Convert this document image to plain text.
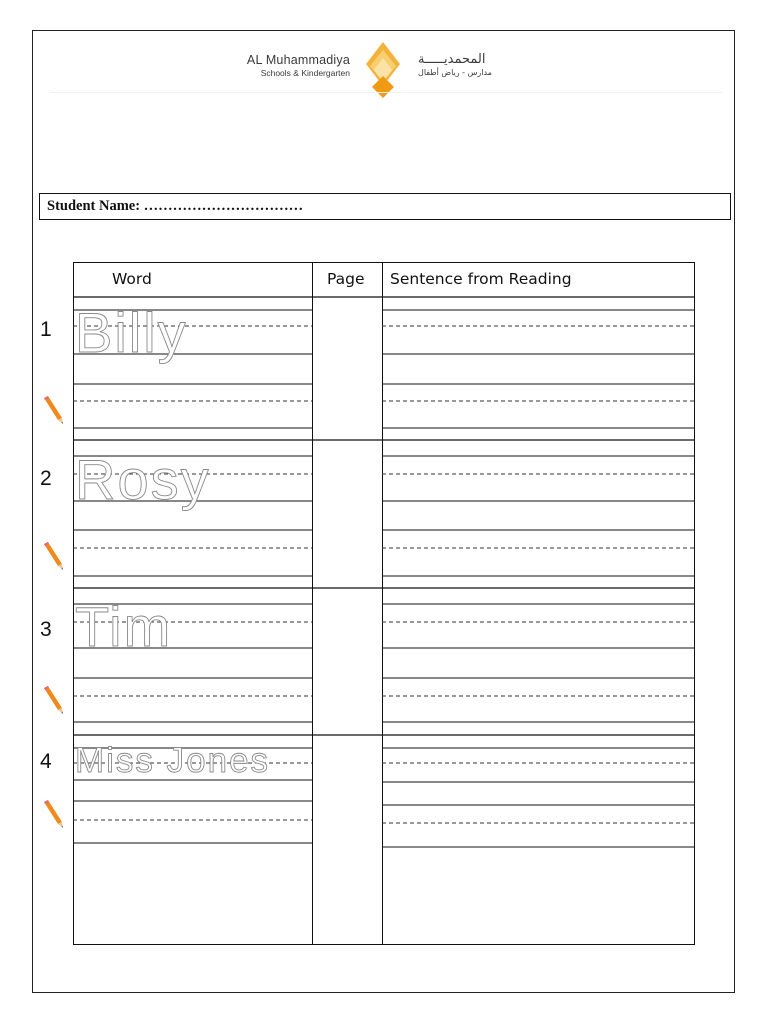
AL Muhammadiya
Schools & Kindergarten
المحمديـــــة
مدارس - رياض أطفال
Student Name: ……………………………
Word	Page Sentence from Reading
1
2
3
4
Billy
Rosy
Tim
Miss Jones
